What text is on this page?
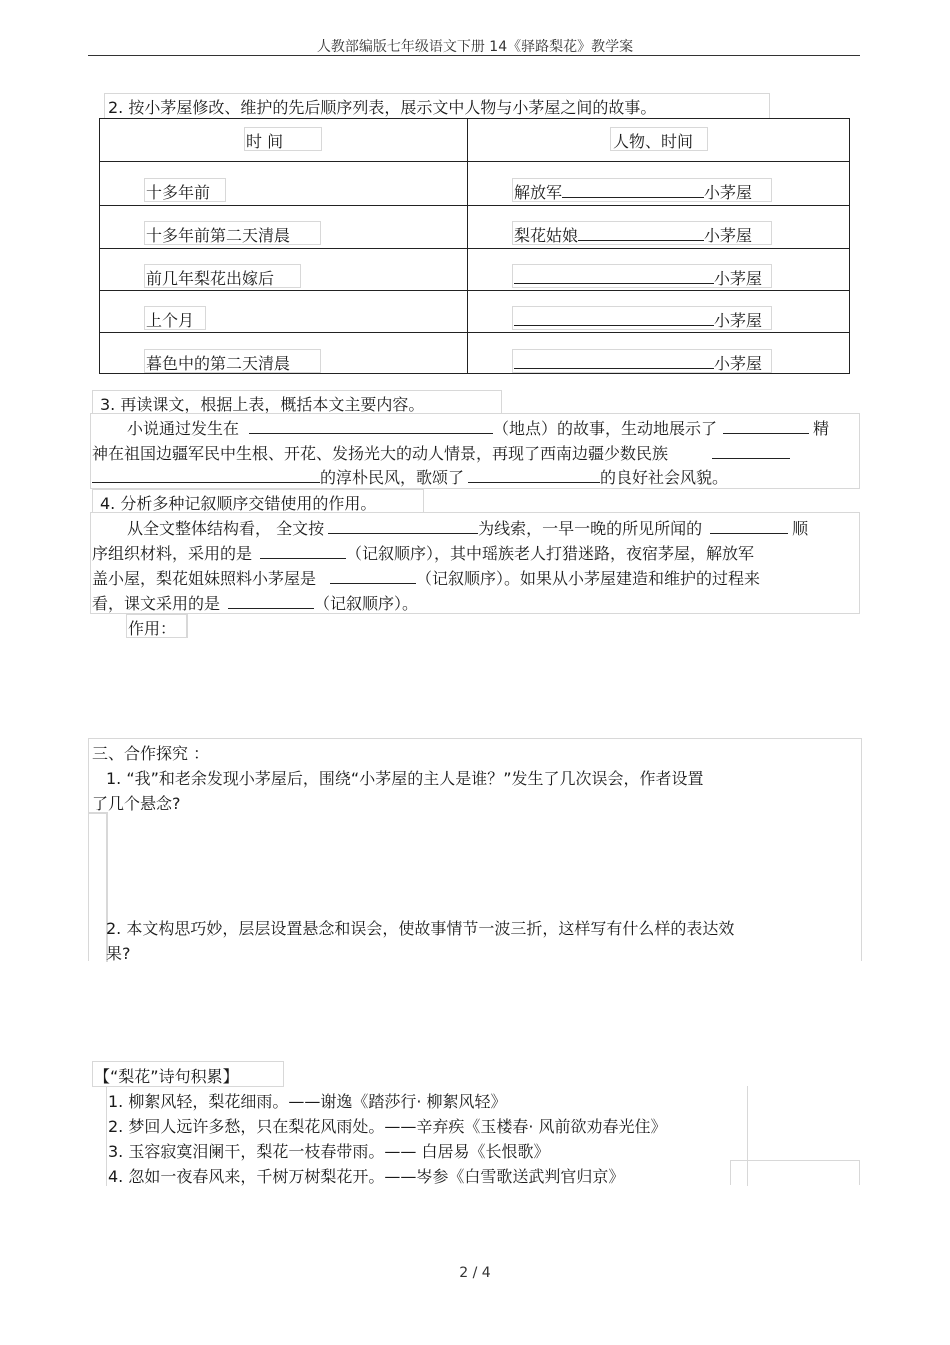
人教部编版七年级语文下册 14《驿路梨花》教学案
2. 按小茅屋修改、维护的先后顺序列表，展示文中人物与小茅屋之间的故事。
时 间	人物、时间
十多年前	解放军	小茅屋
十多年前第二天清晨	梨花姑娘	小茅屋
前几年梨花出嫁后	小茅屋
上个月	小茅屋
暮色中的第二天清晨	小茅屋
3. 再读课文，根据上表，概括本文主要内容。
小说通过发生在	（地点）的故事，生动地展示了	精
神在祖国边疆军民中生根、开花、发扬光大的动人情景，再现了西南边疆少数民族
的淳朴民风，歌颂了	的良好社会风貌。
4. 分析多种记叙顺序交错使用的作用。
从全文整体结构看， 全文按	为线索，一早一晚的所见所闻的	顺
序组织材料，采用的是	（记叙顺序），其中瑶族老人打猎迷路，夜宿茅屋，解放军
盖小屋，梨花姐妹照料小茅屋是	（记叙顺序）。如果从小茅屋建造和维护的过程来
看，课文采用的是	（记叙顺序）。
作用：
三、合作探究 ：
1. “我”和老余发现小茅屋后，围绕“小茅屋的主人是谁？”发生了几次误会，作者设置
了几个悬念?
2. 本文构思巧妙，层层设置悬念和误会，使故事情节一波三折，这样写有什么样的表达效
果?
【“梨花”诗句积累】
1. 柳絮风轻，梨花细雨。——谢逸《踏莎行· 柳絮风轻》
2. 梦回人远许多愁，只在梨花风雨处。——辛弃疾《玉楼春· 风前欲劝春光住》
3. 玉容寂寞泪阑干，梨花一枝春带雨。—— 白居易《长恨歌》
4. 忽如一夜春风来，千树万树梨花开。——岑参《白雪歌送武判官归京》
2 / 4
